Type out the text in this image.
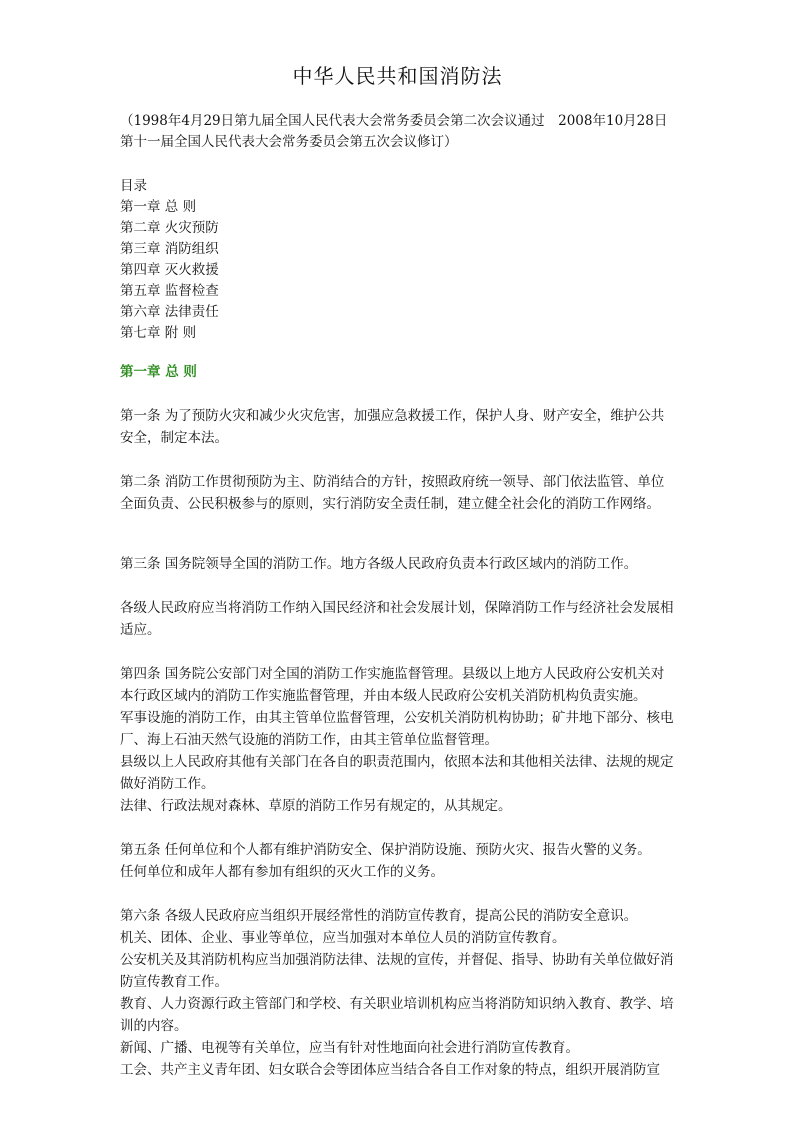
中华人民共和国消防法

（1998年4月29日第九届全国人民代表大会常务委员会第二次会议通过　2008年10月28日第十一届全国人民代表大会常务委员会第五次会议修订）

目录
第一章 总 则
第二章 火灾预防
第三章 消防组织
第四章 灭火救援
第五章 监督检查
第六章 法律责任
第七章 附 则
第一章 总 则

第一条 为了预防火灾和减少火灾危害，加强应急救援工作，保护人身、财产安全，维护公共安全，制定本法。

第二条 消防工作贯彻预防为主、防消结合的方针，按照政府统一领导、部门依法监管、单位全面负责、公民积极参与的原则，实行消防安全责任制，建立健全社会化的消防工作网络。

第三条 国务院领导全国的消防工作。地方各级人民政府负责本行政区域内的消防工作。

各级人民政府应当将消防工作纳入国民经济和社会发展计划，保障消防工作与经济社会发展相适应。

第四条 国务院公安部门对全国的消防工作实施监督管理。县级以上地方人民政府公安机关对本行政区域内的消防工作实施监督管理，并由本级人民政府公安机关消防机构负责实施。

军事设施的消防工作，由其主管单位监督管理，公安机关消防机构协助；矿井地下部分、核电厂、海上石油天然气设施的消防工作，由其主管单位监督管理。

县级以上人民政府其他有关部门在各自的职责范围内，依照本法和其他相关法律、法规的规定做好消防工作。

法律、行政法规对森林、草原的消防工作另有规定的，从其规定。

第五条 任何单位和个人都有维护消防安全、保护消防设施、预防火灾、报告火警的义务。

任何单位和成年人都有参加有组织的灭火工作的义务。

第六条 各级人民政府应当组织开展经常性的消防宣传教育，提高公民的消防安全意识。

机关、团体、企业、事业等单位，应当加强对本单位人员的消防宣传教育。

公安机关及其消防机构应当加强消防法律、法规的宣传，并督促、指导、协助有关单位做好消防宣传教育工作。

教育、人力资源行政主管部门和学校、有关职业培训机构应当将消防知识纳入教育、教学、培训的内容。

新闻、广播、电视等有关单位，应当有针对性地面向社会进行消防宣传教育。

工会、共产主义青年团、妇女联合会等团体应当结合各自工作对象的特点，组织开展消防宣
